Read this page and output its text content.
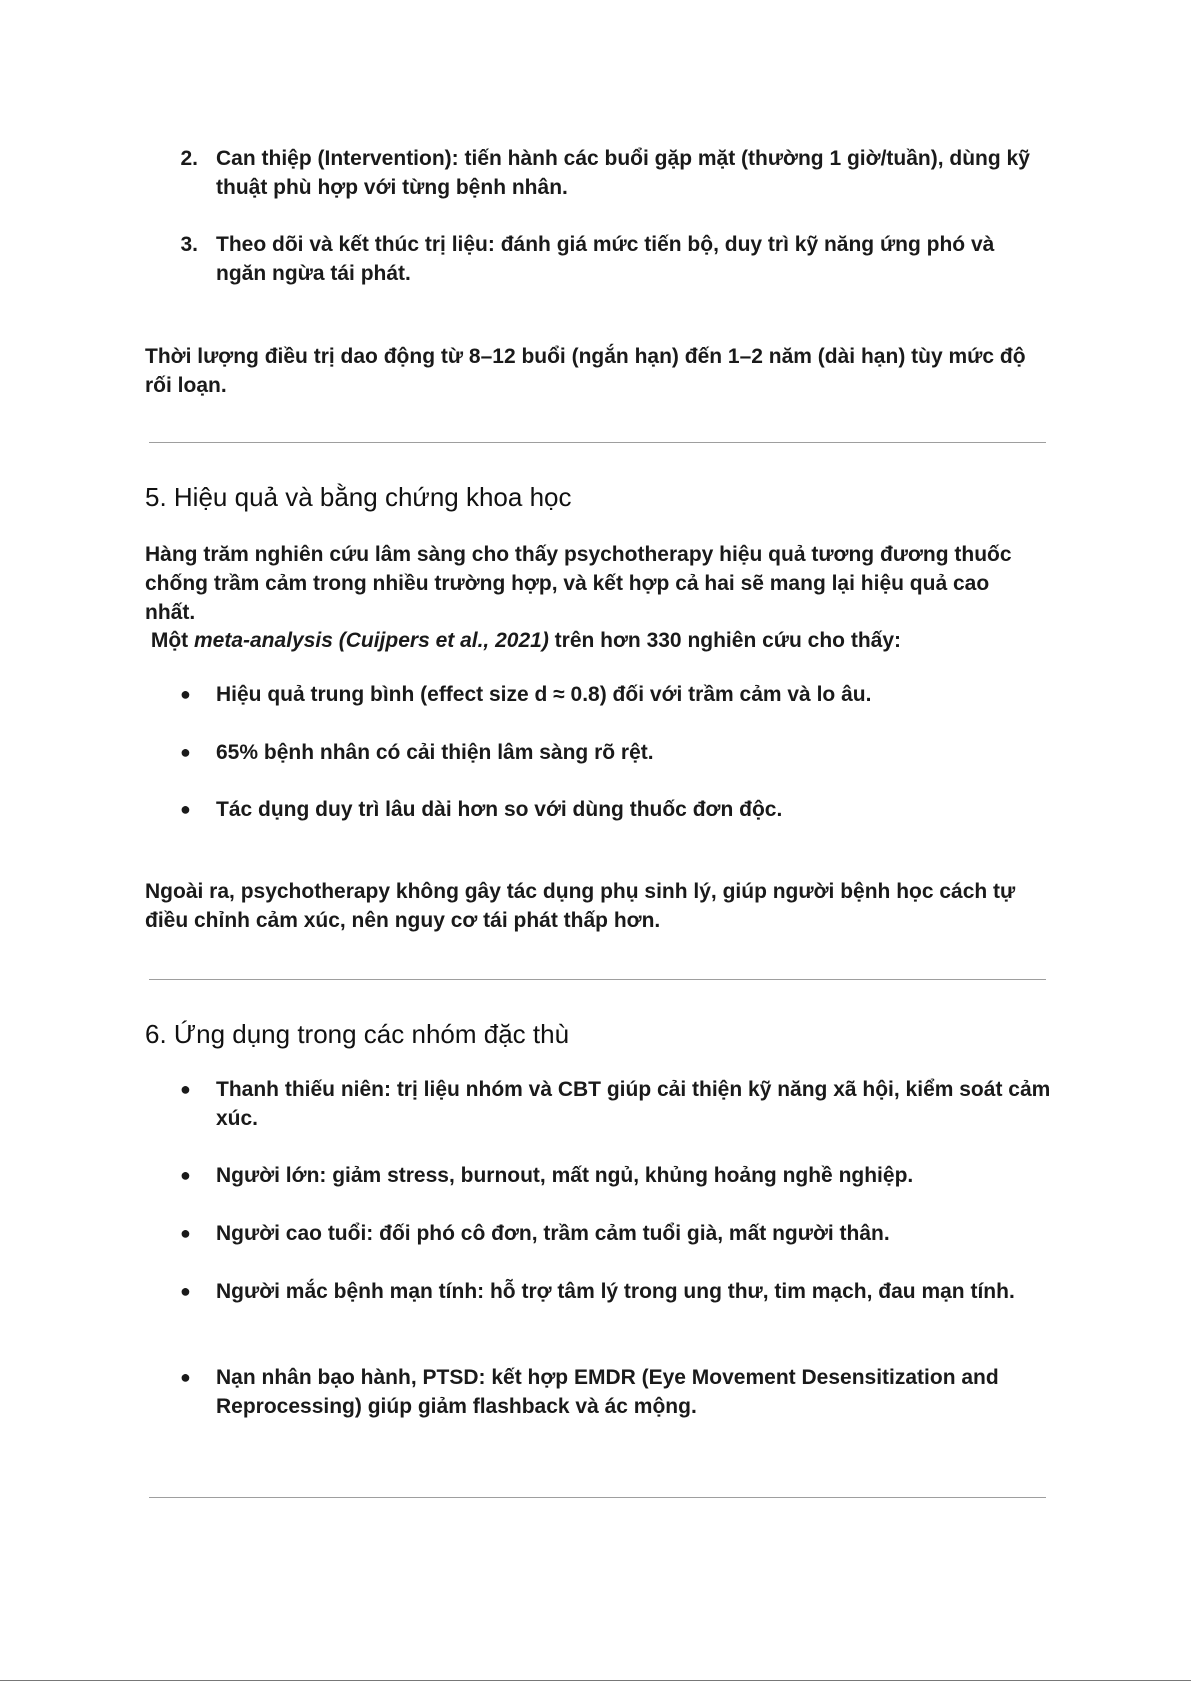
2. Can thiệp (Intervention): tiến hành các buổi gặp mặt (thường 1 giờ/tuần), dùng kỹ thuật phù hợp với từng bệnh nhân.
3. Theo dõi và kết thúc trị liệu: đánh giá mức tiến bộ, duy trì kỹ năng ứng phó và ngăn ngừa tái phát.
Thời lượng điều trị dao động từ 8–12 buổi (ngắn hạn) đến 1–2 năm (dài hạn) tùy mức độ rối loạn.
5. Hiệu quả và bằng chứng khoa học
Hàng trăm nghiên cứu lâm sàng cho thấy psychotherapy hiệu quả tương đương thuốc chống trầm cảm trong nhiều trường hợp, và kết hợp cả hai sẽ mang lại hiệu quả cao nhất.
Một meta-analysis (Cuijpers et al., 2021) trên hơn 330 nghiên cứu cho thấy:
● Hiệu quả trung bình (effect size d ≈ 0.8) đối với trầm cảm và lo âu.
● 65% bệnh nhân có cải thiện lâm sàng rõ rệt.
● Tác dụng duy trì lâu dài hơn so với dùng thuốc đơn độc.
Ngoài ra, psychotherapy không gây tác dụng phụ sinh lý, giúp người bệnh học cách tự điều chỉnh cảm xúc, nên nguy cơ tái phát thấp hơn.
6. Ứng dụng trong các nhóm đặc thù
● Thanh thiếu niên: trị liệu nhóm và CBT giúp cải thiện kỹ năng xã hội, kiểm soát cảm xúc.
● Người lớn: giảm stress, burnout, mất ngủ, khủng hoảng nghề nghiệp.
● Người cao tuổi: đối phó cô đơn, trầm cảm tuổi già, mất người thân.
● Người mắc bệnh mạn tính: hỗ trợ tâm lý trong ung thư, tim mạch, đau mạn tính.
● Nạn nhân bạo hành, PTSD: kết hợp EMDR (Eye Movement Desensitization and Reprocessing) giúp giảm flashback và ác mộng.
